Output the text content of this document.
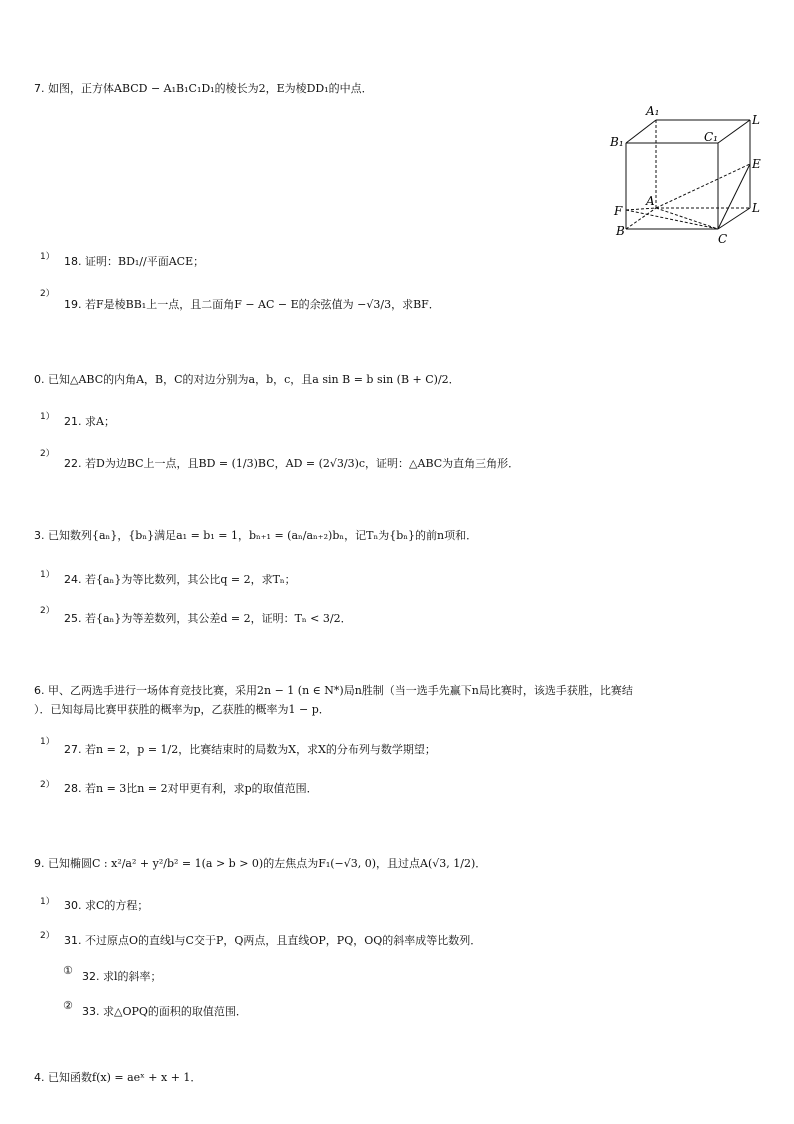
7. 如图，正方体ABCD − A₁B₁C₁D₁的棱长为2，E为棱DD₁的中点．
A₁
L
B₁	C₁
E
A
F	L
B
C
1） 18. 证明：BD₁//平面ACE；
2）
19. 若F是棱BB₁上一点，且二面角F − AC − E的余弦值为 −√3/3，求BF．
0. 已知△ABC的内角A，B，C的对边分别为a，b，c，且a sin B = b sin (B + C)/2．
1） 21. 求A；
2）
22. 若D为边BC上一点，且BD = (1/3)BC，AD = (2√3/3)c，证明：△ABC为直角三角形．
3. 已知数列{aₙ}，{bₙ}满足a₁ = b₁ = 1，bₙ₊₁ = (aₙ/aₙ₊₂)bₙ，记Tₙ为{bₙ}的前n项和．
1） 24. 若{aₙ}为等比数列，其公比q = 2，求Tₙ；
2）
25. 若{aₙ}为等差数列，其公差d = 2，证明：Tₙ < 3/2．
6. 甲、乙两选手进行一场体育竞技比赛，采用2n − 1 (n ∈ N*)局n胜制（当一选手先赢下n局比赛时，该选手获胜，比赛结
）．已知每局比赛甲获胜的概率为p，乙获胜的概率为1 − p．
1）
27. 若n = 2，p = 1/2，比赛结束时的局数为X，求X的分布列与数学期望；
2） 28. 若n = 3比n = 2对甲更有利，求p的取值范围．
9. 已知椭圆C : x²/a² + y²/b² = 1(a > b > 0)的左焦点为F₁(−√3, 0)，且过点A(√3, 1/2)．
1） 30. 求C的方程；
2） 31. 不过原点O的直线l与C交于P，Q两点，且直线OP，PQ，OQ的斜率成等比数列．
① 32. 求l的斜率；
② 33. 求△OPQ的面积的取值范围．
4. 已知函数f(x) = aeˣ + x + 1．
